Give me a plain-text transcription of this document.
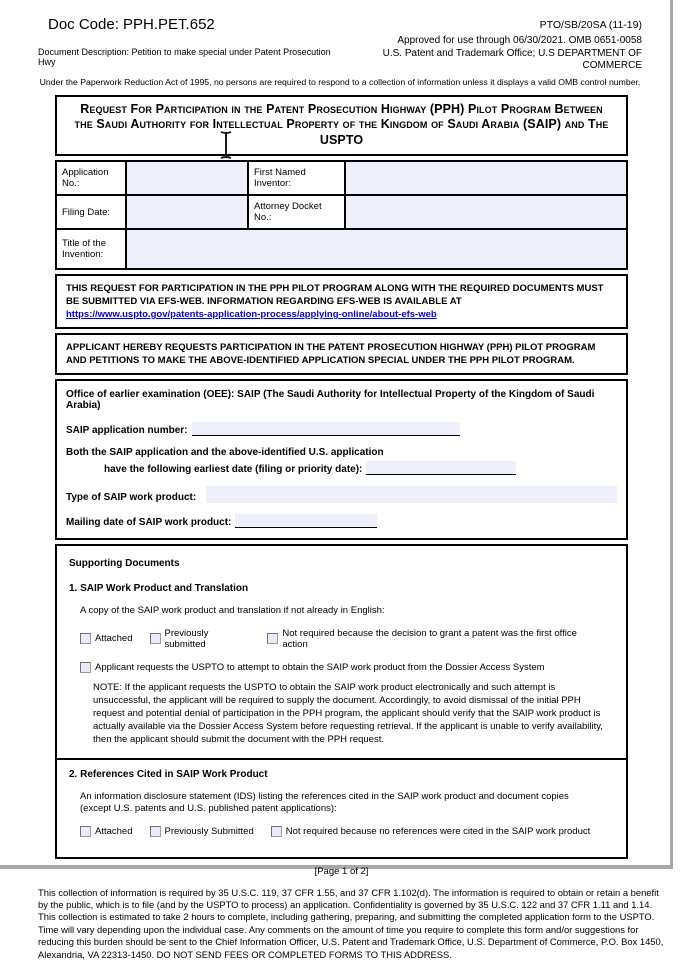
Doc Code: PPH.PET.652	PTO/SB/20SA (11-19)
Document Description: Petition to make special under Patent Prosecution Hwy
Approved for use through 06/30/2021. OMB 0651-0058
U.S. Patent and Trademark Office; U.S DEPARTMENT OF COMMERCE
Under the Paperwork Reduction Act of 1995, no persons are required to respond to a collection of information unless it displays a valid OMB control number.
Request For Participation in the Patent Prosecution Highway (PPH) Pilot Program Between
the Saudi Authority for Intellectual Property of the Kingdom of Saudi Arabia (SAIP) and The USPTO
Application No.:		First Named Inventor:	
Filing Date:		Attorney Docket No.:	
Title of the Invention:			
THIS REQUEST FOR PARTICIPATION IN THE PPH PILOT PROGRAM ALONG WITH THE REQUIRED DOCUMENTS MUST BE SUBMITTED VIA EFS-WEB. INFORMATION REGARDING EFS-WEB IS AVAILABLE AT
https://www.uspto.gov/patents-application-process/applying-online/about-efs-web
APPLICANT HEREBY REQUESTS PARTICIPATION IN THE PATENT PROSECUTION HIGHWAY (PPH) PILOT PROGRAM AND PETITIONS TO MAKE THE ABOVE-IDENTIFIED APPLICATION SPECIAL UNDER THE PPH PILOT PROGRAM.
Office of earlier examination (OEE): SAIP (The Saudi Authority for Intellectual Property of the Kingdom of Saudi Arabia)
SAIP application number:
Both the SAIP application and the above-identified U.S. application
have the following earliest date (filing or priority date):
Type of SAIP work product:
Mailing date of SAIP work product:
Supporting Documents
1. SAIP Work Product and Translation
A copy of the SAIP work product and translation if not already in English:
Attached	Previously submitted
Not required because the decision to grant a patent was the first office action
Applicant requests the USPTO to attempt to obtain the SAIP work product from the Dossier Access System
NOTE: If the applicant requests the USPTO to obtain the SAIP work product electronically and such attempt is unsuccessful, the applicant will be required to supply the document. Accordingly, to avoid dismissal of the initial PPH request and potential denial of participation in the PPH program, the applicant should verify that the SAIP work product is actually available via the Dossier Access System before requesting retrieval. If the applicant is unable to verify availability, then the applicant should submit the document with the PPH request.
2. References Cited in SAIP Work Product
An information disclosure statement (IDS) listing the references cited in the SAIP work product and document copies (except U.S. patents and U.S. published patent applications):
Attached	Previously Submitted	Not required because no references were cited in the SAIP work product
[Page 1 of 2]
This collection of information is required by 35 U.S.C. 119, 37 CFR 1.55, and 37 CFR 1.102(d). The information is required to obtain or retain a benefit by the public, which is to file (and by the USPTO to process) an application. Confidentiality is governed by 35 U.S.C. 122 and 37 CFR 1.11 and 1.14. This collection is estimated to take 2 hours to complete, including gathering, preparing, and submitting the completed application form to the USPTO. Time will vary depending upon the individual case. Any comments on the amount of time you require to complete this form and/or suggestions for reducing this burden should be sent to the Chief Information Officer, U.S. Patent and Trademark Office, U.S. Department of Commerce, P.O. Box 1450, Alexandria, VA 22313-1450. DO NOT SEND FEES OR COMPLETED FORMS TO THIS ADDRESS.
